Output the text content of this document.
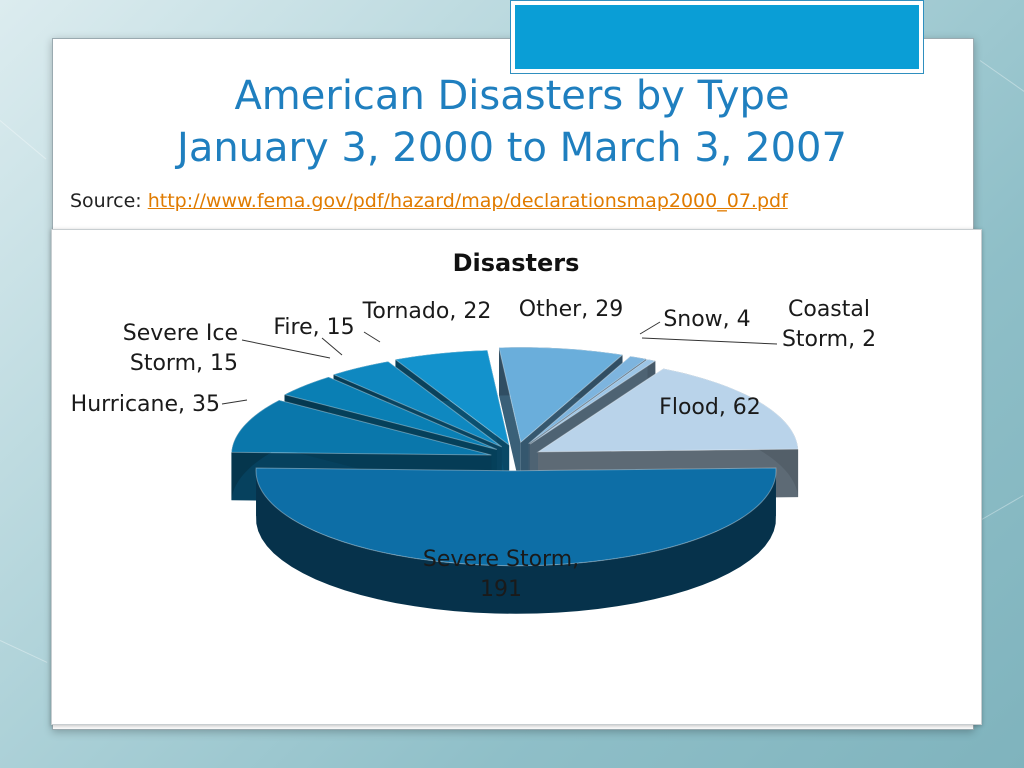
American Disasters by Type
January 3, 2000 to March 3, 2007
Source: http://www.fema.gov/pdf/hazard/map/declarationsmap2000_07.pdf
Disasters
Severe Storm,
191
Hurricane, 35
Severe Ice
Storm, 15
Fire, 15
Tornado, 22 Other, 29 Snow, 4 Coastal
Storm, 2
Flood, 62
